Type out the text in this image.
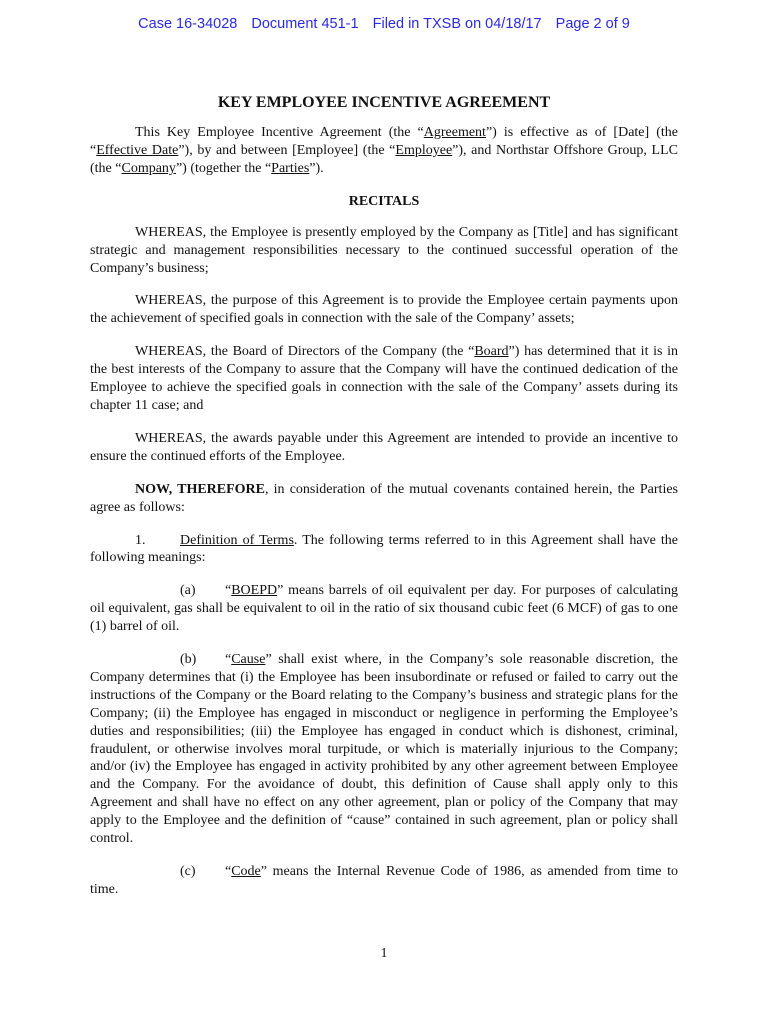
Case 16-34028 Document 451-1 Filed in TXSB on 04/18/17 Page 2 of 9
KEY EMPLOYEE INCENTIVE AGREEMENT

This Key Employee Incentive Agreement (the “Agreement”) is effective as of [Date] (the “Effective Date”), by and between [Employee] (the “Employee”), and Northstar Offshore Group, LLC (the “Company”) (together the “Parties”).

RECITALS

WHEREAS, the Employee is presently employed by the Company as [Title] and has significant strategic and management responsibilities necessary to the continued successful operation of the Company’s business;

WHEREAS, the purpose of this Agreement is to provide the Employee certain payments upon the achievement of specified goals in connection with the sale of the Company’ assets;

WHEREAS, the Board of Directors of the Company (the “Board”) has determined that it is in the best interests of the Company to assure that the Company will have the continued dedication of the Employee to achieve the specified goals in connection with the sale of the Company’ assets during its chapter 11 case; and

WHEREAS, the awards payable under this Agreement are intended to provide an incentive to ensure the continued efforts of the Employee.

NOW, THEREFORE, in consideration of the mutual covenants contained herein, the Parties agree as follows:

1. Definition of Terms. The following terms referred to in this Agreement shall have the following meanings:

(a) “BOEPD” means barrels of oil equivalent per day. For purposes of calculating oil equivalent, gas shall be equivalent to oil in the ratio of six thousand cubic feet (6 MCF) of gas to one (1) barrel of oil.

(b) “Cause” shall exist where, in the Company’s sole reasonable discretion, the Company determines that (i) the Employee has been insubordinate or refused or failed to carry out the instructions of the Company or the Board relating to the Company’s business and strategic plans for the Company; (ii) the Employee has engaged in misconduct or negligence in performing the Employee’s duties and responsibilities; (iii) the Employee has engaged in conduct which is dishonest, criminal, fraudulent, or otherwise involves moral turpitude, or which is materially injurious to the Company; and/or (iv) the Employee has engaged in activity prohibited by any other agreement between Employee and the Company. For the avoidance of doubt, this definition of Cause shall apply only to this Agreement and shall have no effect on any other agreement, plan or policy of the Company that may apply to the Employee and the definition of “cause” contained in such agreement, plan or policy shall control.

(c) “Code” means the Internal Revenue Code of 1986, as amended from time to time.

1
